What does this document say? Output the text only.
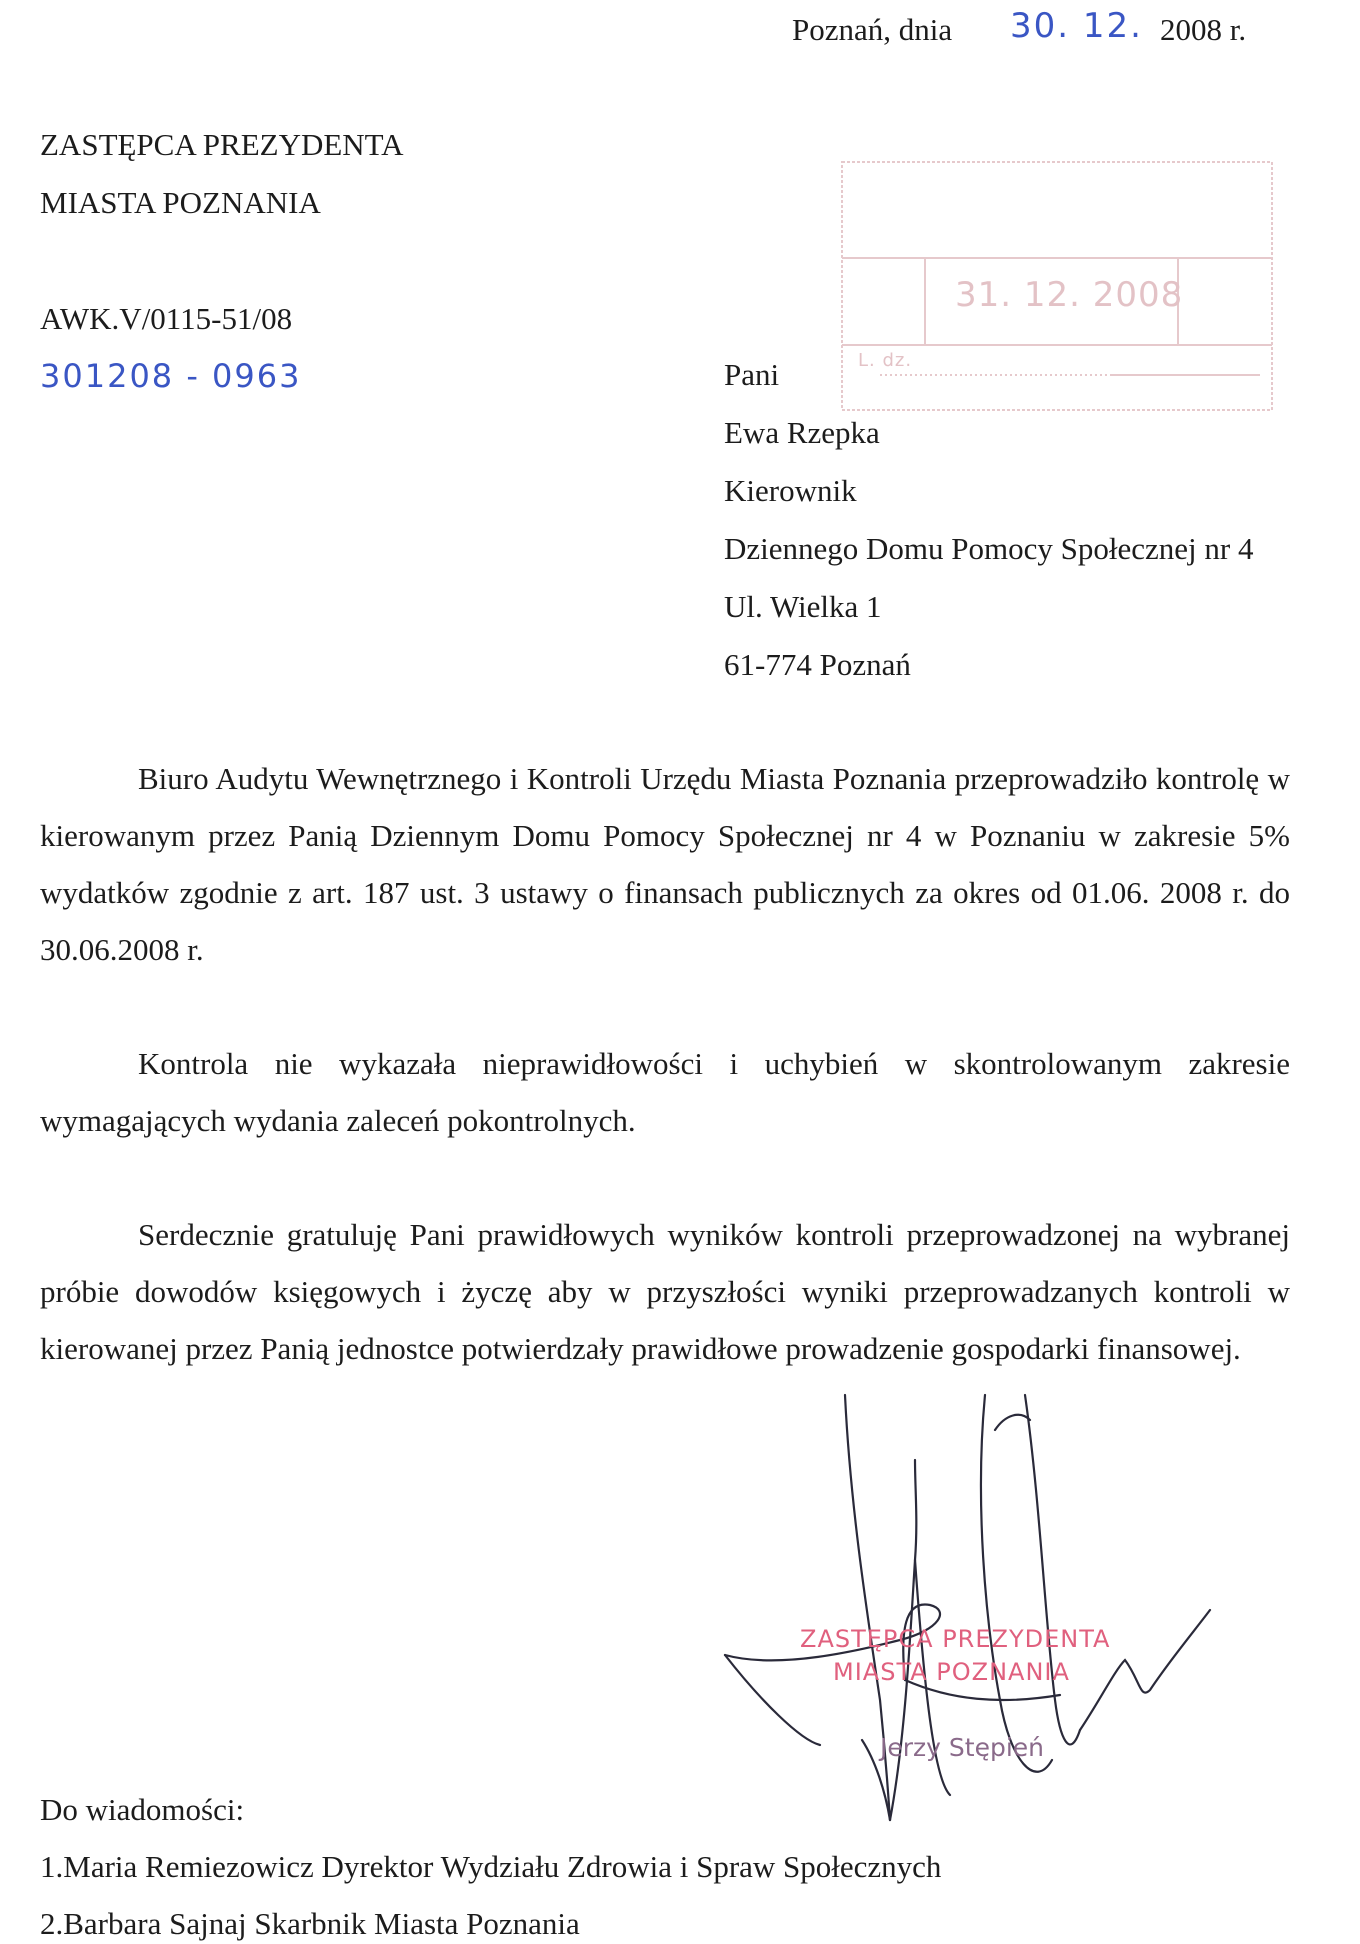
Poznań, dnia 30. 12. 2008 r.
ZASTĘPCA PREZYDENTA
MIASTA POZNANIA
AWK.V/0115-51/08
301208 - 0963
31. 12. 2008
L. dz.
Pani
Ewa Rzepka
Kierownik
Dziennego Domu Pomocy Społecznej nr 4
Ul. Wielka 1
61-774 Poznań
Biuro Audytu Wewnętrznego i Kontroli Urzędu Miasta Poznania przeprowadziło kontrolę w kierowanym przez Panią Dziennym Domu Pomocy Społecznej nr 4 w Poznaniu w zakresie 5% wydatków zgodnie z art. 187 ust. 3 ustawy o finansach publicznych za okres od 01.06. 2008 r. do 30.06.2008 r.
Kontrola nie wykazała nieprawidłowości i uchybień w skontrolowanym zakresie wymagających wydania zaleceń pokontrolnych.
Serdecznie gratuluję Pani prawidłowych wyników kontroli przeprowadzonej na wybranej próbie dowodów księgowych i życzę aby w przyszłości wyniki przeprowadzanych kontroli w kierowanej przez Panią jednostce potwierdzały prawidłowe prowadzenie gospodarki finansowej.
ZASTĘPCA PREZYDENTA
MIASTA POZNANIA
Jerzy Stępień
Do wiadomości:
1.Maria Remiezowicz Dyrektor Wydziału Zdrowia i Spraw Społecznych
2.Barbara Sajnaj Skarbnik Miasta Poznania
